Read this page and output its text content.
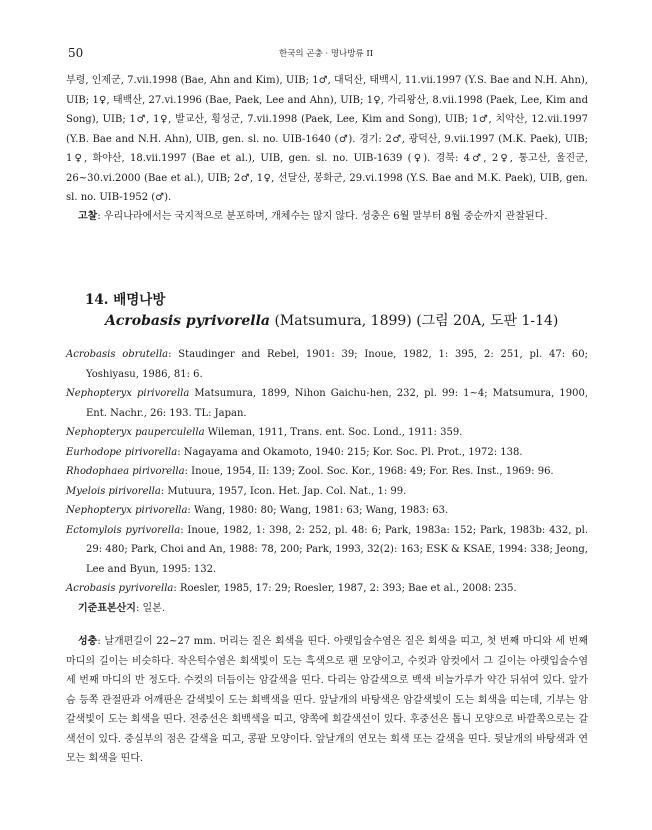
50	한국의 곤충 · 명나방류 II
부령, 인제군, 7.vii.1998 (Bae, Ahn and Kim), UIB; 1♂, 대덕산, 태백시, 11.vii.1997 (Y.S. Bae and N.H. Ahn), UIB; 1♀, 태백산, 27.vi.1996 (Bae, Paek, Lee and Ahn), UIB; 1♀, 가리왕산, 8.vii.1998 (Paek, Lee, Kim and Song), UIB; 1♂, 1♀, 발교산, 횡성군, 7.vii.1998 (Paek, Lee, Kim and Song), UIB; 1♂, 치악산, 12.vii.1997 (Y.B. Bae and N.H. Ahn), UIB, gen. sl. no. UIB-1640 (♂). 경기: 2♂, 광덕산, 9.vii.1997 (M.K. Paek), UIB; 1♀, 화야산, 18.vii.1997 (Bae et al.), UIB, gen. sl. no. UIB-1639 (♀). 경북: 4♂, 2♀, 통고산, 울진군, 26~30.vi.2000 (Bae et al.), UIB; 2♂, 1♀, 선달산, 봉화군, 29.vi.1998 (Y.S. Bae and M.K. Paek), UIB, gen. sl. no. UIB-1952 (♂).
고찰: 우리나라에서는 국지적으로 분포하며, 개체수는 많지 않다. 성충은 6월 말부터 8월 중순까지 관찰된다.
14. 배명나방
Acrobasis pyrivorella (Matsumura, 1899) (그림 20A, 도판 1-14)
Acrobasis obrutella: Staudinger and Rebel, 1901: 39; Inoue, 1982, 1: 395, 2: 251, pl. 47: 60; Yoshiyasu, 1986, 81: 6.
Nephopteryx pirivorella Matsumura, 1899, Nihon Gaichu-hen, 232, pl. 99: 1~4; Matsumura, 1900, Ent. Nachr., 26: 193. TL: Japan.
Nephopteryx pauperculella Wileman, 1911, Trans. ent. Soc. Lond., 1911: 359.
Eurhodope pirivorella: Nagayama and Okamoto, 1940: 215; Kor. Soc. Pl. Prot., 1972: 138.
Rhodophaea pirivorella: Inoue, 1954, II: 139; Zool. Soc. Kor., 1968: 49; For. Res. Inst., 1969: 96.
Myelois pirivorella: Mutuura, 1957, Icon. Het. Jap. Col. Nat., 1: 99.
Nephopteryx pirivorella: Wang, 1980: 80; Wang, 1981: 63; Wang, 1983: 63.
Ectomylois pyrivorella: Inoue, 1982, 1: 398, 2: 252, pl. 48: 6; Park, 1983a: 152; Park, 1983b: 432, pl. 29: 480; Park, Choi and An, 1988: 78, 200; Park, 1993, 32(2): 163; ESK & KSAE, 1994: 338; Jeong, Lee and Byun, 1995: 132.
Acrobasis pyrivorella: Roesler, 1985, 17: 29; Roesler, 1987, 2: 393; Bae et al., 2008: 235.
기준표본산지: 일본.
성충: 날개편길이 22~27 mm. 머리는 짙은 회색을 띤다. 아랫입술수염은 짙은 회색을 띠고, 첫 번째 마디와 세 번째 마디의 길이는 비슷하다. 작은턱수염은 회색빛이 도는 흑색으로 팬 모양이고, 수컷과 암컷에서 그 길이는 아랫입술수염 세 번째 마디의 반 정도다. 수컷의 더듬이는 암갈색을 띤다. 다리는 암갈색으로 백색 비늘가루가 약간 뒤섞여 있다. 앞가슴 등쪽 관절판과 어깨판은 갈색빛이 도는 회백색을 띤다. 앞날개의 바탕색은 암갈색빛이 도는 회색을 띠는데, 기부는 암갈색빛이 도는 회색을 띤다. 전중선은 회백색을 띠고, 양쪽에 회갈색선이 있다. 후중선은 톱니 모양으로 바깥쪽으로는 갈색선이 있다. 중실부의 점은 갈색을 띠고, 콩팥 모양이다. 앞날개의 연모는 회색 또는 갈색을 띤다. 뒷날개의 바탕색과 연모는 회색을 띤다.
